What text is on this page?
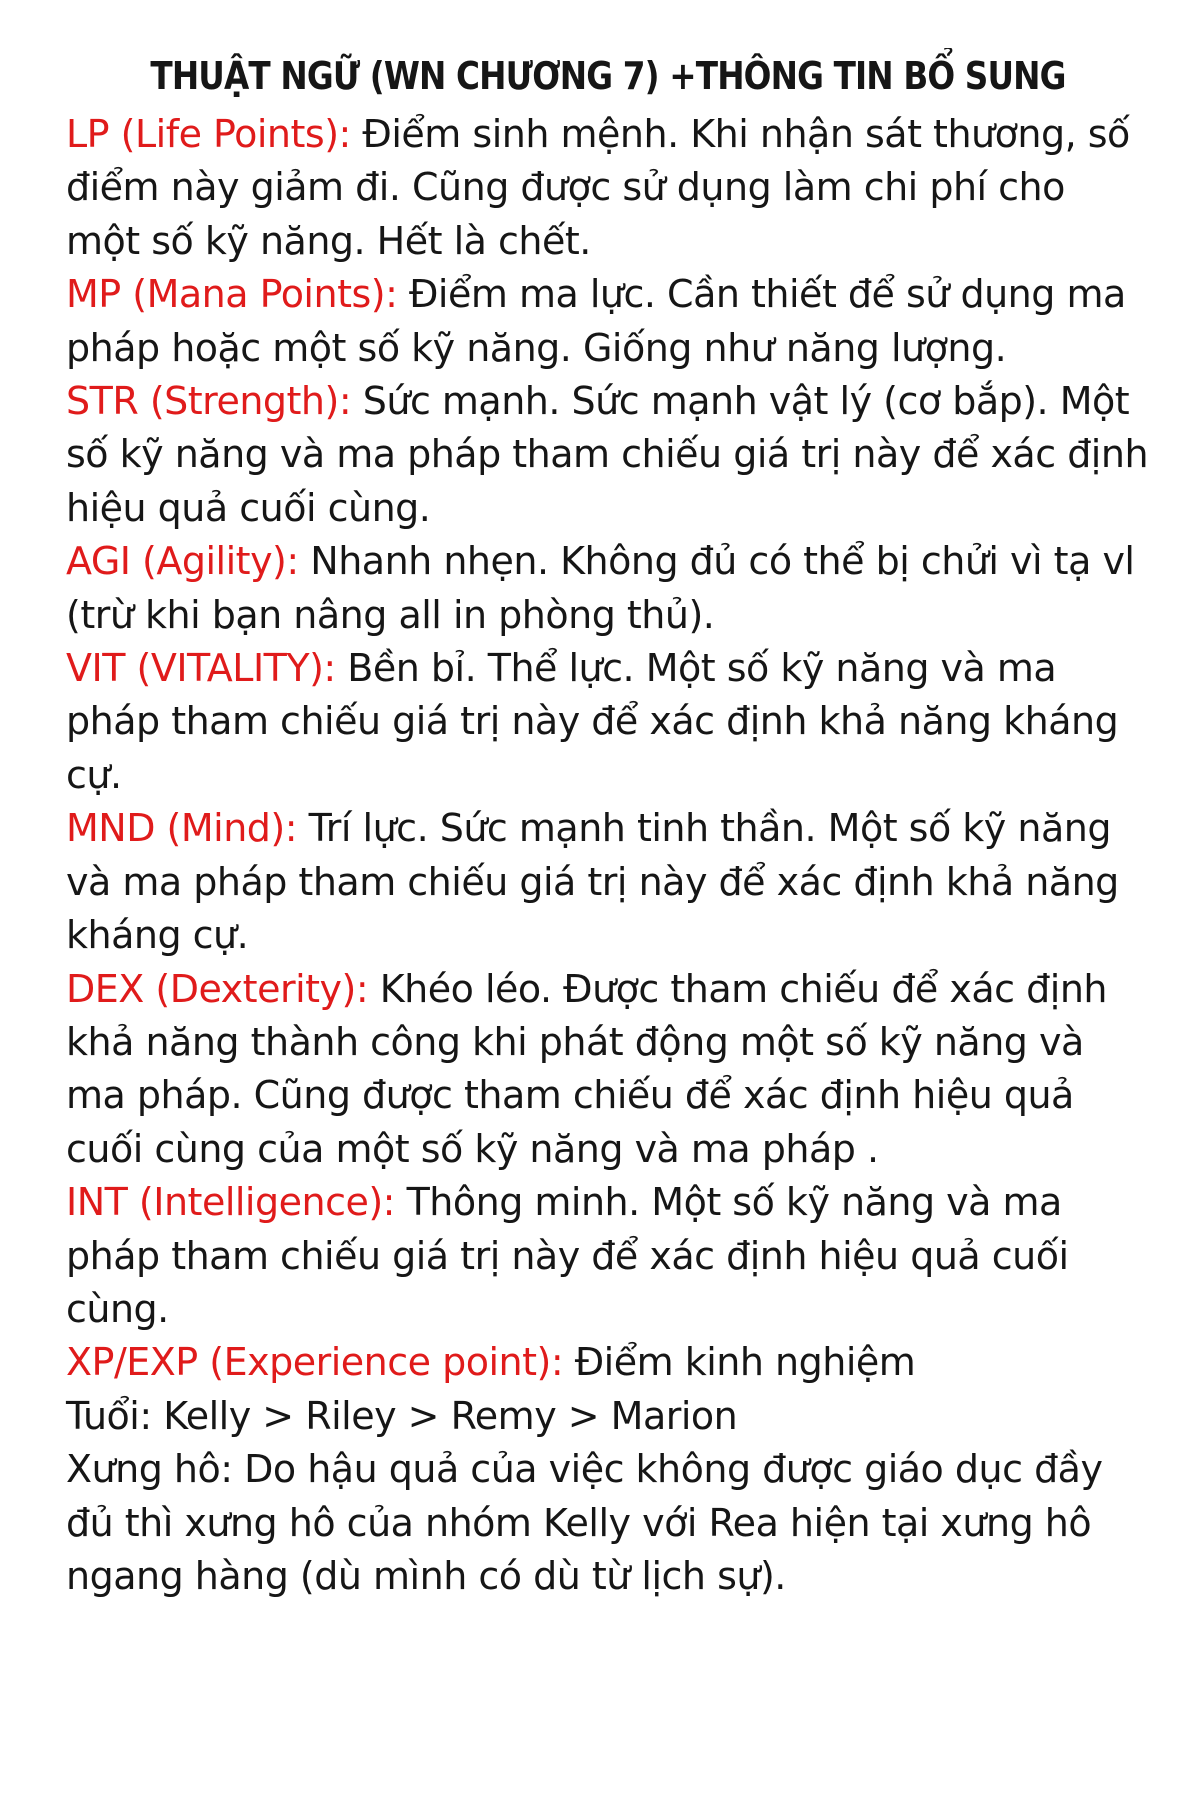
THUẬT NGỮ (WN CHƯƠNG 7) +THÔNG TIN BỔ SUNG

LP (Life Points): Điểm sinh mệnh. Khi nhận sát thương, số điểm này giảm đi. Cũng được sử dụng làm chi phí cho một số kỹ năng. Hết là chết.

MP (Mana Points): Điểm ma lực. Cần thiết để sử dụng ma pháp hoặc một số kỹ năng. Giống như năng lượng.

STR (Strength): Sức mạnh. Sức mạnh vật lý (cơ bắp). Một số kỹ năng và ma pháp tham chiếu giá trị này để xác định hiệu quả cuối cùng.

AGI (Agility): Nhanh nhẹn. Không đủ có thể bị chửi vì tạ vl (trừ khi bạn nâng all in phòng thủ).

VIT (VITALITY): Bền bỉ. Thể lực. Một số kỹ năng và ma pháp tham chiếu giá trị này để xác định khả năng kháng cự.

MND (Mind): Trí lực. Sức mạnh tinh thần. Một số kỹ năng và ma pháp tham chiếu giá trị này để xác định khả năng kháng cự.

DEX (Dexterity): Khéo léo. Được tham chiếu để xác định khả năng thành công khi phát động một số kỹ năng và ma pháp. Cũng được tham chiếu để xác định hiệu quả cuối cùng của một số kỹ năng và ma pháp .

INT (Intelligence): Thông minh. Một số kỹ năng và ma pháp tham chiếu giá trị này để xác định hiệu quả cuối cùng.

XP/EXP (Experience point): Điểm kinh nghiệm

Tuổi: Kelly > Riley > Remy > Marion

Xưng hô: Do hậu quả của việc không được giáo dục đầy đủ thì xưng hô của nhóm Kelly với Rea hiện tại xưng hô ngang hàng (dù mình có dù từ lịch sự).
